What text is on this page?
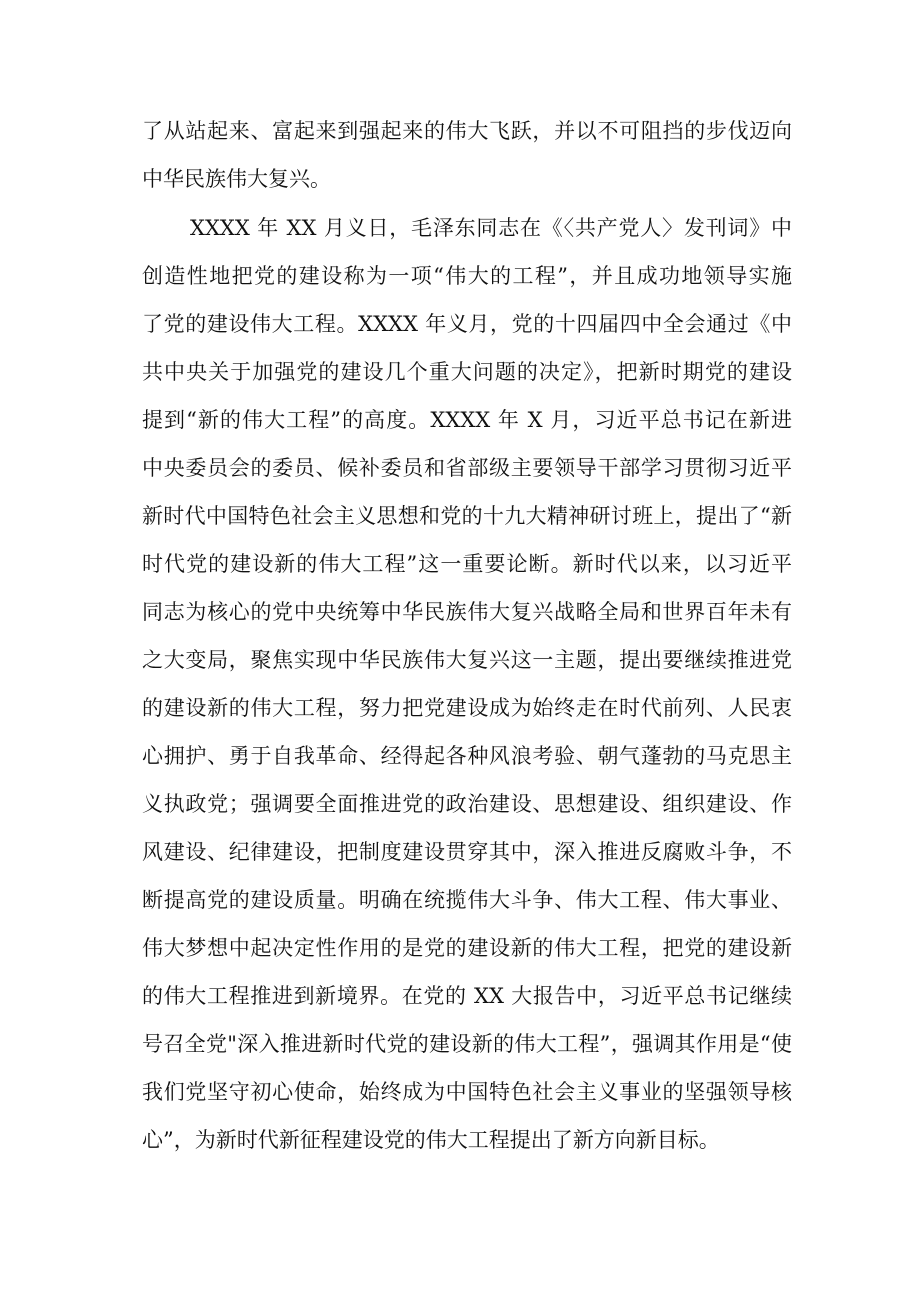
了从站起来、富起来到强起来的伟大飞跃，并以不可阻挡的步伐迈向
中华民族伟大复兴。
XXXX 年 XX 月义日，毛泽东同志在《〈共产党人〉发刊词》中
创造性地把党的建设称为一项“伟大的工程”，并且成功地领导实施
了党的建设伟大工程。XXXX 年义月，党的十四届四中全会通过《中
共中央关于加强党的建设几个重大问题的决定》，把新时期党的建设
提到“新的伟大工程”的高度。XXXX 年 X 月，习近平总书记在新进
中央委员会的委员、候补委员和省部级主要领导干部学习贯彻习近平
新时代中国特色社会主义思想和党的十九大精神研讨班上，提出了“新
时代党的建设新的伟大工程”这一重要论断。新时代以来，以习近平
同志为核心的党中央统筹中华民族伟大复兴战略全局和世界百年未有
之大变局，聚焦实现中华民族伟大复兴这一主题，提出要继续推进党
的建设新的伟大工程，努力把党建设成为始终走在时代前列、人民衷
心拥护、勇于自我革命、经得起各种风浪考验、朝气蓬勃的马克思主
义执政党；强调要全面推进党的政治建设、思想建设、组织建设、作
风建设、纪律建设，把制度建设贯穿其中，深入推进反腐败斗争，不
断提高党的建设质量。明确在统揽伟大斗争、伟大工程、伟大事业、
伟大梦想中起决定性作用的是党的建设新的伟大工程，把党的建设新
的伟大工程推进到新境界。在党的 XX 大报告中，习近平总书记继续
号召全党"深入推进新时代党的建设新的伟大工程”，强调其作用是“使
我们党坚守初心使命，始终成为中国特色社会主义事业的坚强领导核
心”，为新时代新征程建设党的伟大工程提出了新方向新目标。
